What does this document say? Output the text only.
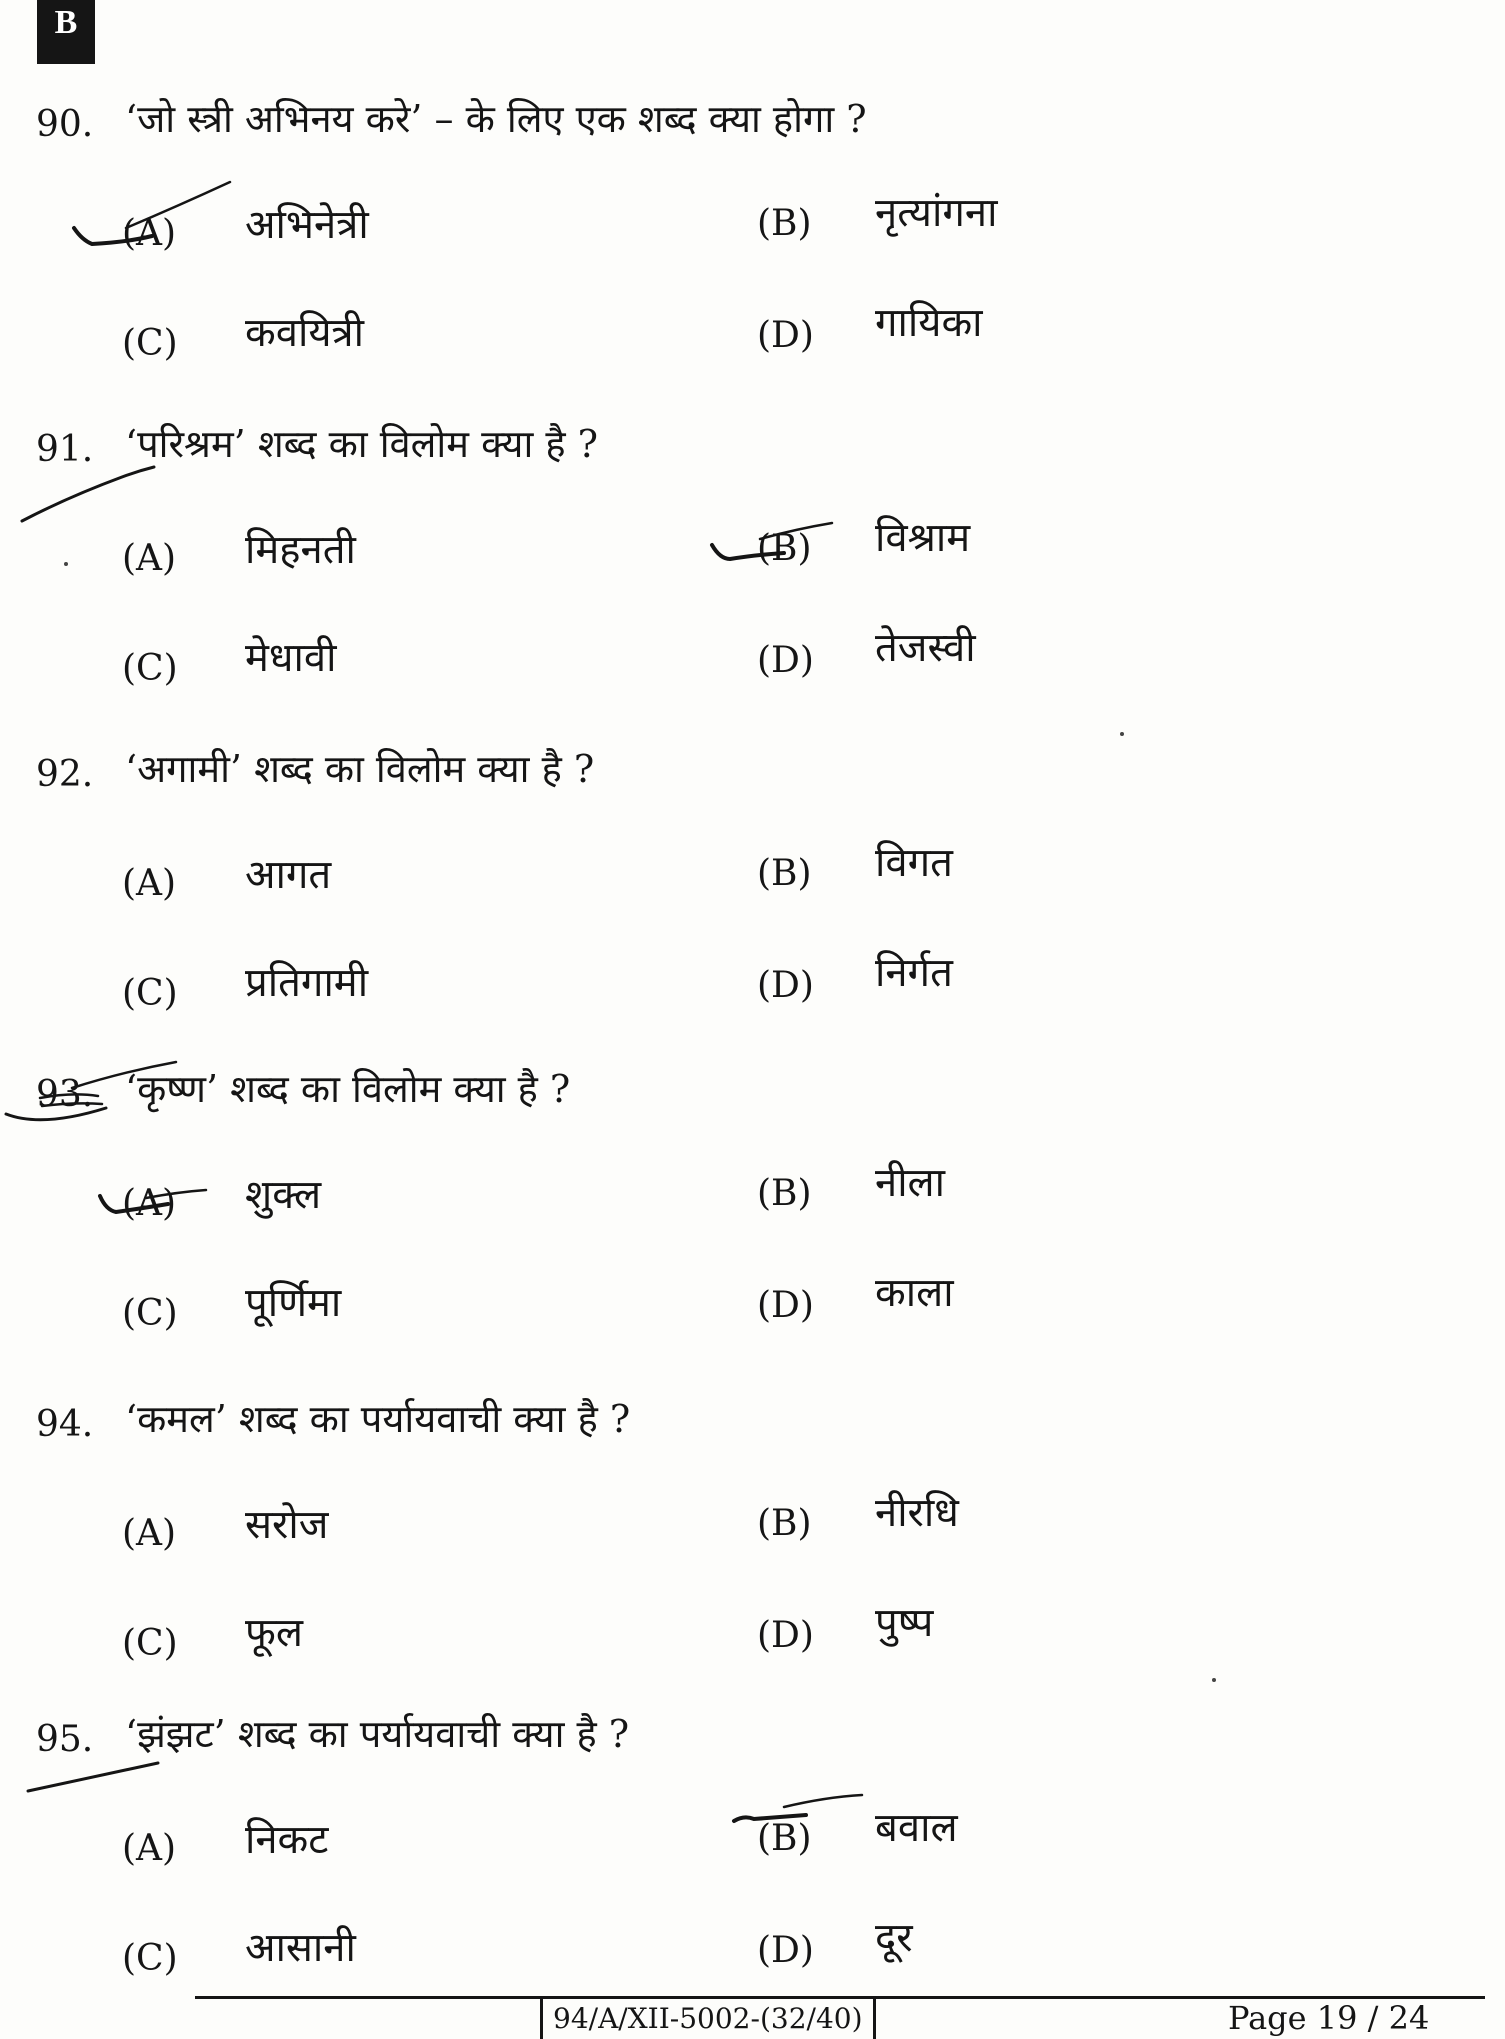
B
90. ‘जो स्त्री अभिनय करे’ – के लिए एक शब्द क्या होगा ?
(A) अभिनेत्री	(B) नृत्यांगना
(C) कवयित्री	(D) गायिका
91. ‘परिश्रम’ शब्द का विलोम क्या है ?
(A) मिहनती	(B) विश्राम
(C) मेधावी	(D) तेजस्वी
92. ‘अगामी’ शब्द का विलोम क्या है ?
(A) आगत	(B) विगत
(C) प्रतिगामी	(D) निर्गत
93. ‘कृष्ण’ शब्द का विलोम क्या है ?
(A) शुक्ल	(B) नीला
(C) पूर्णिमा	(D) काला
94. ‘कमल’ शब्द का पर्यायवाची क्या है ?
(A) सरोज	(B) नीरधि
(C) फूल	(D) पुष्प
95. ‘झंझट’ शब्द का पर्यायवाची क्या है ?
(A) निकट	(B) बवाल
(C) आसानी	(D) दूर
94/A/XII-5002-(32/40)	Page 19 / 24
